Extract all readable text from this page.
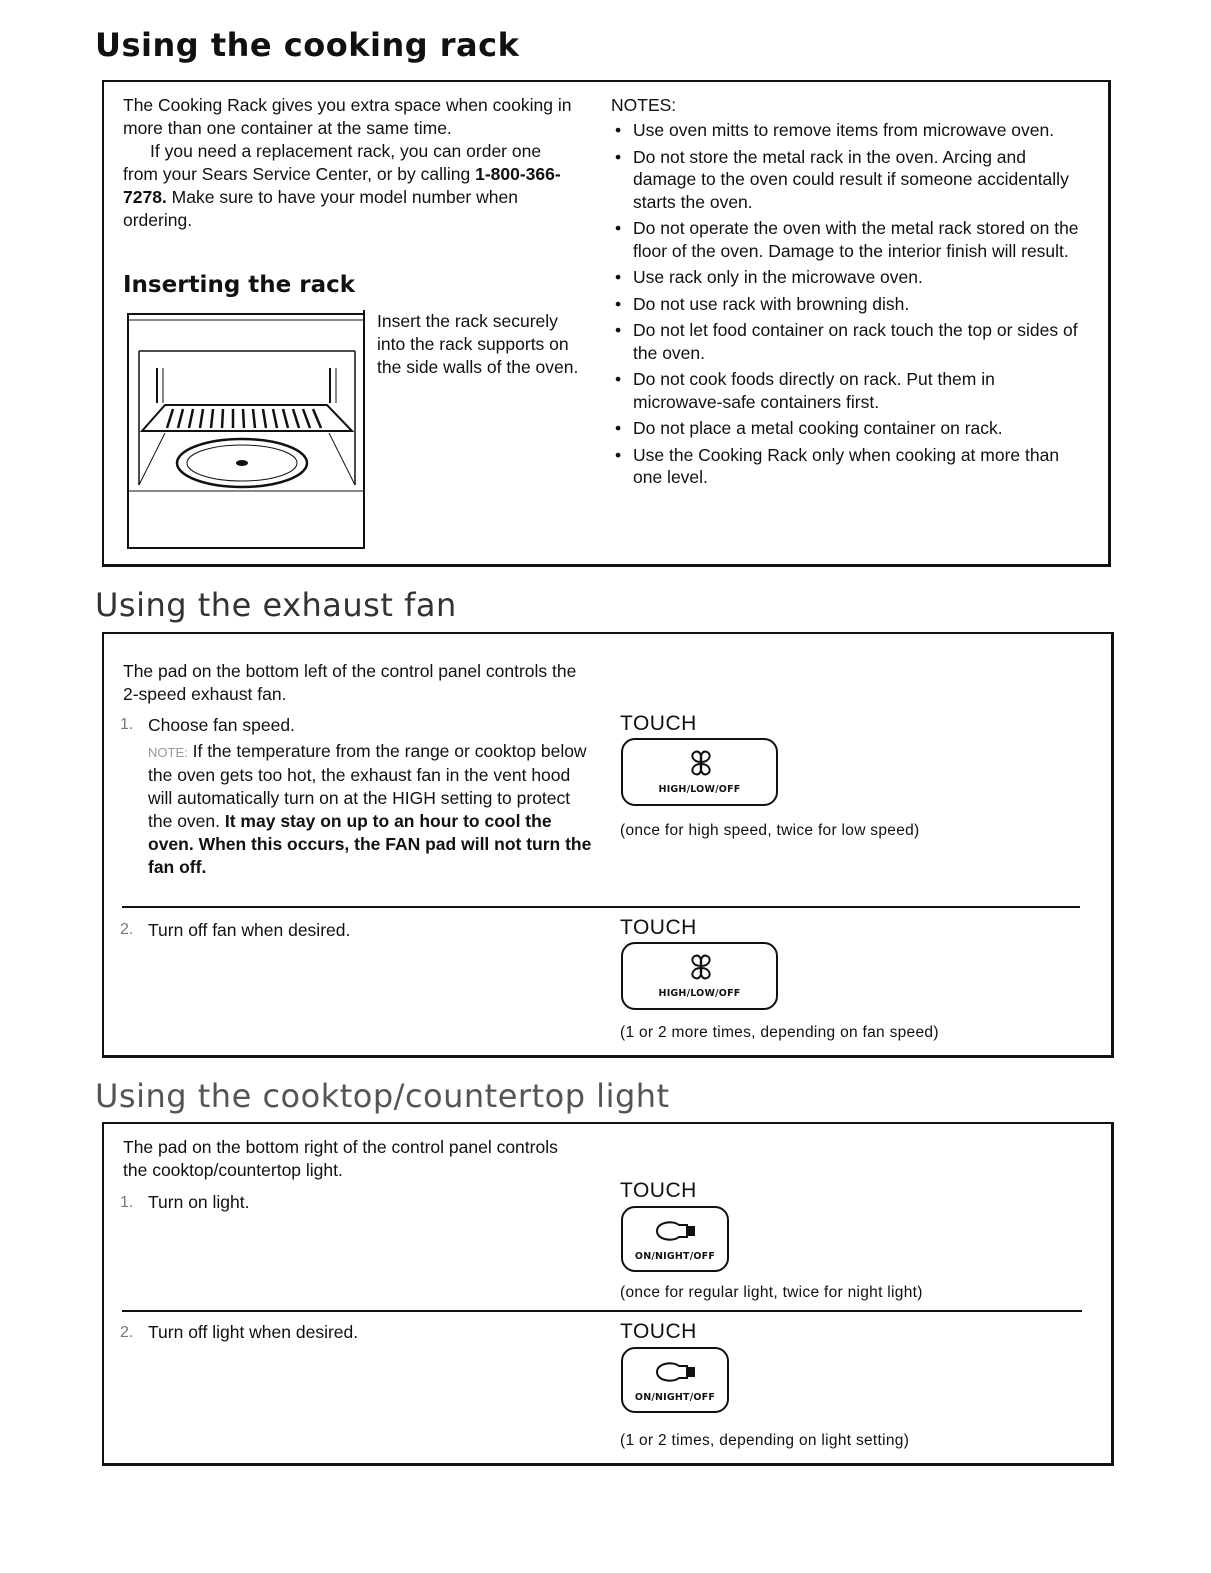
Using the cooking rack

The Cooking Rack gives you extra space when cooking in more than one container at the same time.

If you need a replacement rack, you can order one from your Sears Service Center, or by calling 1-800-366-7278. Make sure to have your model number when ordering.

Inserting the rack
Insert the rack securely into the rack supports on the side walls of the oven.
NOTES:
• Use oven mitts to remove items from microwave oven.
• Do not store the metal rack in the oven. Arcing and damage to the oven could result if someone accidentally starts the oven.
• Do not operate the oven with the metal rack stored on the floor of the oven. Damage to the interior finish will result.
• Use rack only in the microwave oven.
• Do not use rack with browning dish.
• Do not let food container on rack touch the top or sides of the oven.
• Do not cook foods directly on rack. Put them in microwave-safe containers first.
• Do not place a metal cooking container on rack.
• Use the Cooking Rack only when cooking at more than one level.
Using the exhaust fan
The pad on the bottom left of the control panel controls the 2-speed exhaust fan.
1. Choose fan speed.
NOTE: If the temperature from the range or cooktop below the oven gets too hot, the exhaust fan in the vent hood will automatically turn on at the HIGH setting to protect the oven. It may stay on up to an hour to cool the oven. When this occurs, the FAN pad will not turn the fan off.
TOUCH
HIGH/LOW/OFF
(once for high speed, twice for low speed)
2. Turn off fan when desired.	TOUCH
HIGH/LOW/OFF
(1 or 2 more times, depending on fan speed)
Using the cooktop/countertop light
The pad on the bottom right of the control panel controls the cooktop/countertop light.
1. Turn on light.	TOUCH
ON/NIGHT/OFF
(once for regular light, twice for night light)
2. Turn off light when desired.	TOUCH
ON/NIGHT/OFF
(1 or 2 times, depending on light setting)
